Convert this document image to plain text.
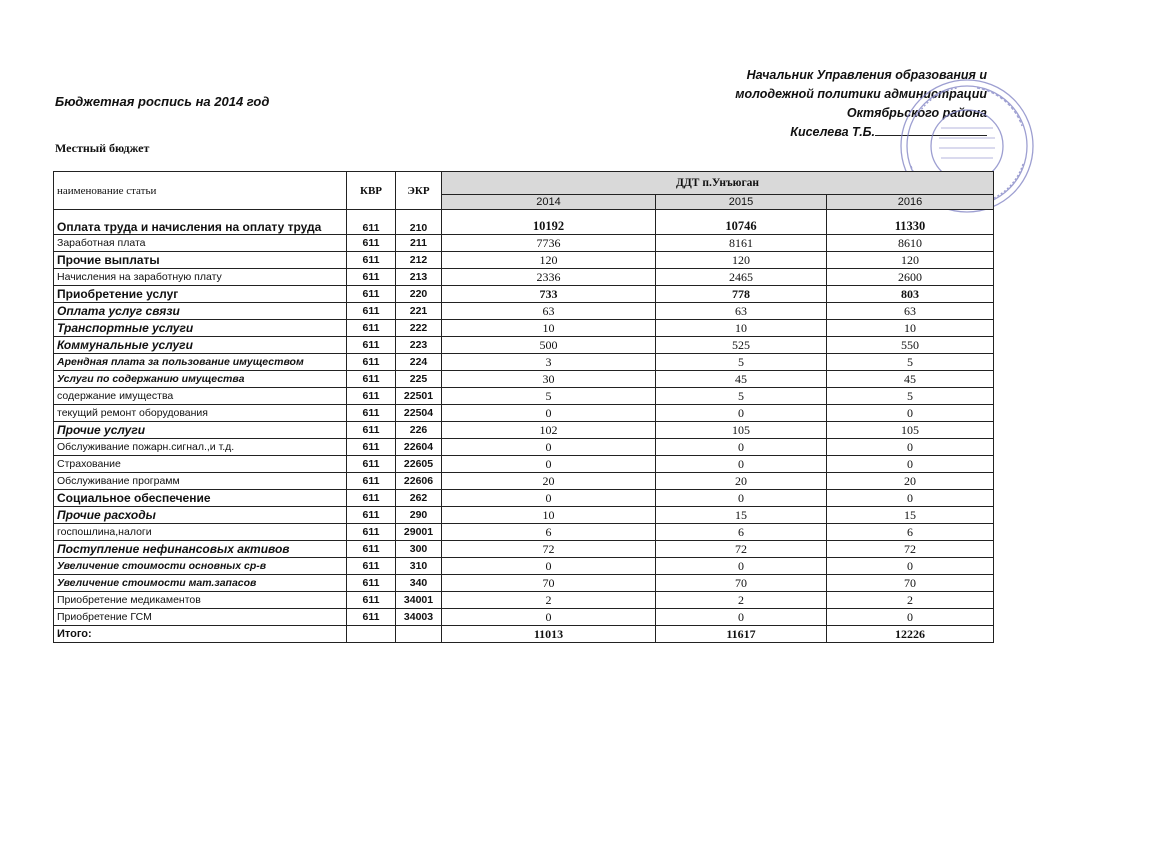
Бюджетная роспись на 2014 год
Местный бюджет
Начальник Управления образования и
молодежной политики администрации
Октябрьского района
Киселева Т.Б.
наименование статьи	КВР	ЭКР	ДДТ п.Унъюган		
			2014	2015	2016
Оплата труда и начисления на оплату труда	611	210	10192	10746	11330
Заработная плата	611	211	7736	8161	8610
Прочие выплаты	611	212	120	120	120
Начисления на заработную плату	611	213	2336	2465	2600
Приобретение услуг	611	220	733	778	803
Оплата услуг связи	611	221	63	63	63
Транспортные услуги	611	222	10	10	10
Коммунальные услуги	611	223	500	525	550
Арендная плата за пользование имуществом	611	224	3	5	5
Услуги по содержанию имущества	611	225	30	45	45
содержание имущества	611	22501	5	5	5
текущий ремонт оборудования	611	22504	0	0	0
Прочие услуги	611	226	102	105	105
Обслуживание пожарн.сигнал.,и т.д.	611	22604	0	0	0
Страхование	611	22605	0	0	0
Обслуживание программ	611	22606	20	20	20
Социальное обеспечение	611	262	0	0	0
Прочие расходы	611	290	10	15	15
госпошлина,налоги	611	29001	6	6	6
Поступление нефинансовых активов	611	300	72	72	72
Увеличение стоимости основных ср-в	611	310	0	0	0
Увеличение стоимости мат.запасов	611	340	70	70	70
Приобретение медикаментов	611	34001	2	2	2
Приобретение ГСМ	611	34003	0	0	0
Итого:			11013	11617	12226
